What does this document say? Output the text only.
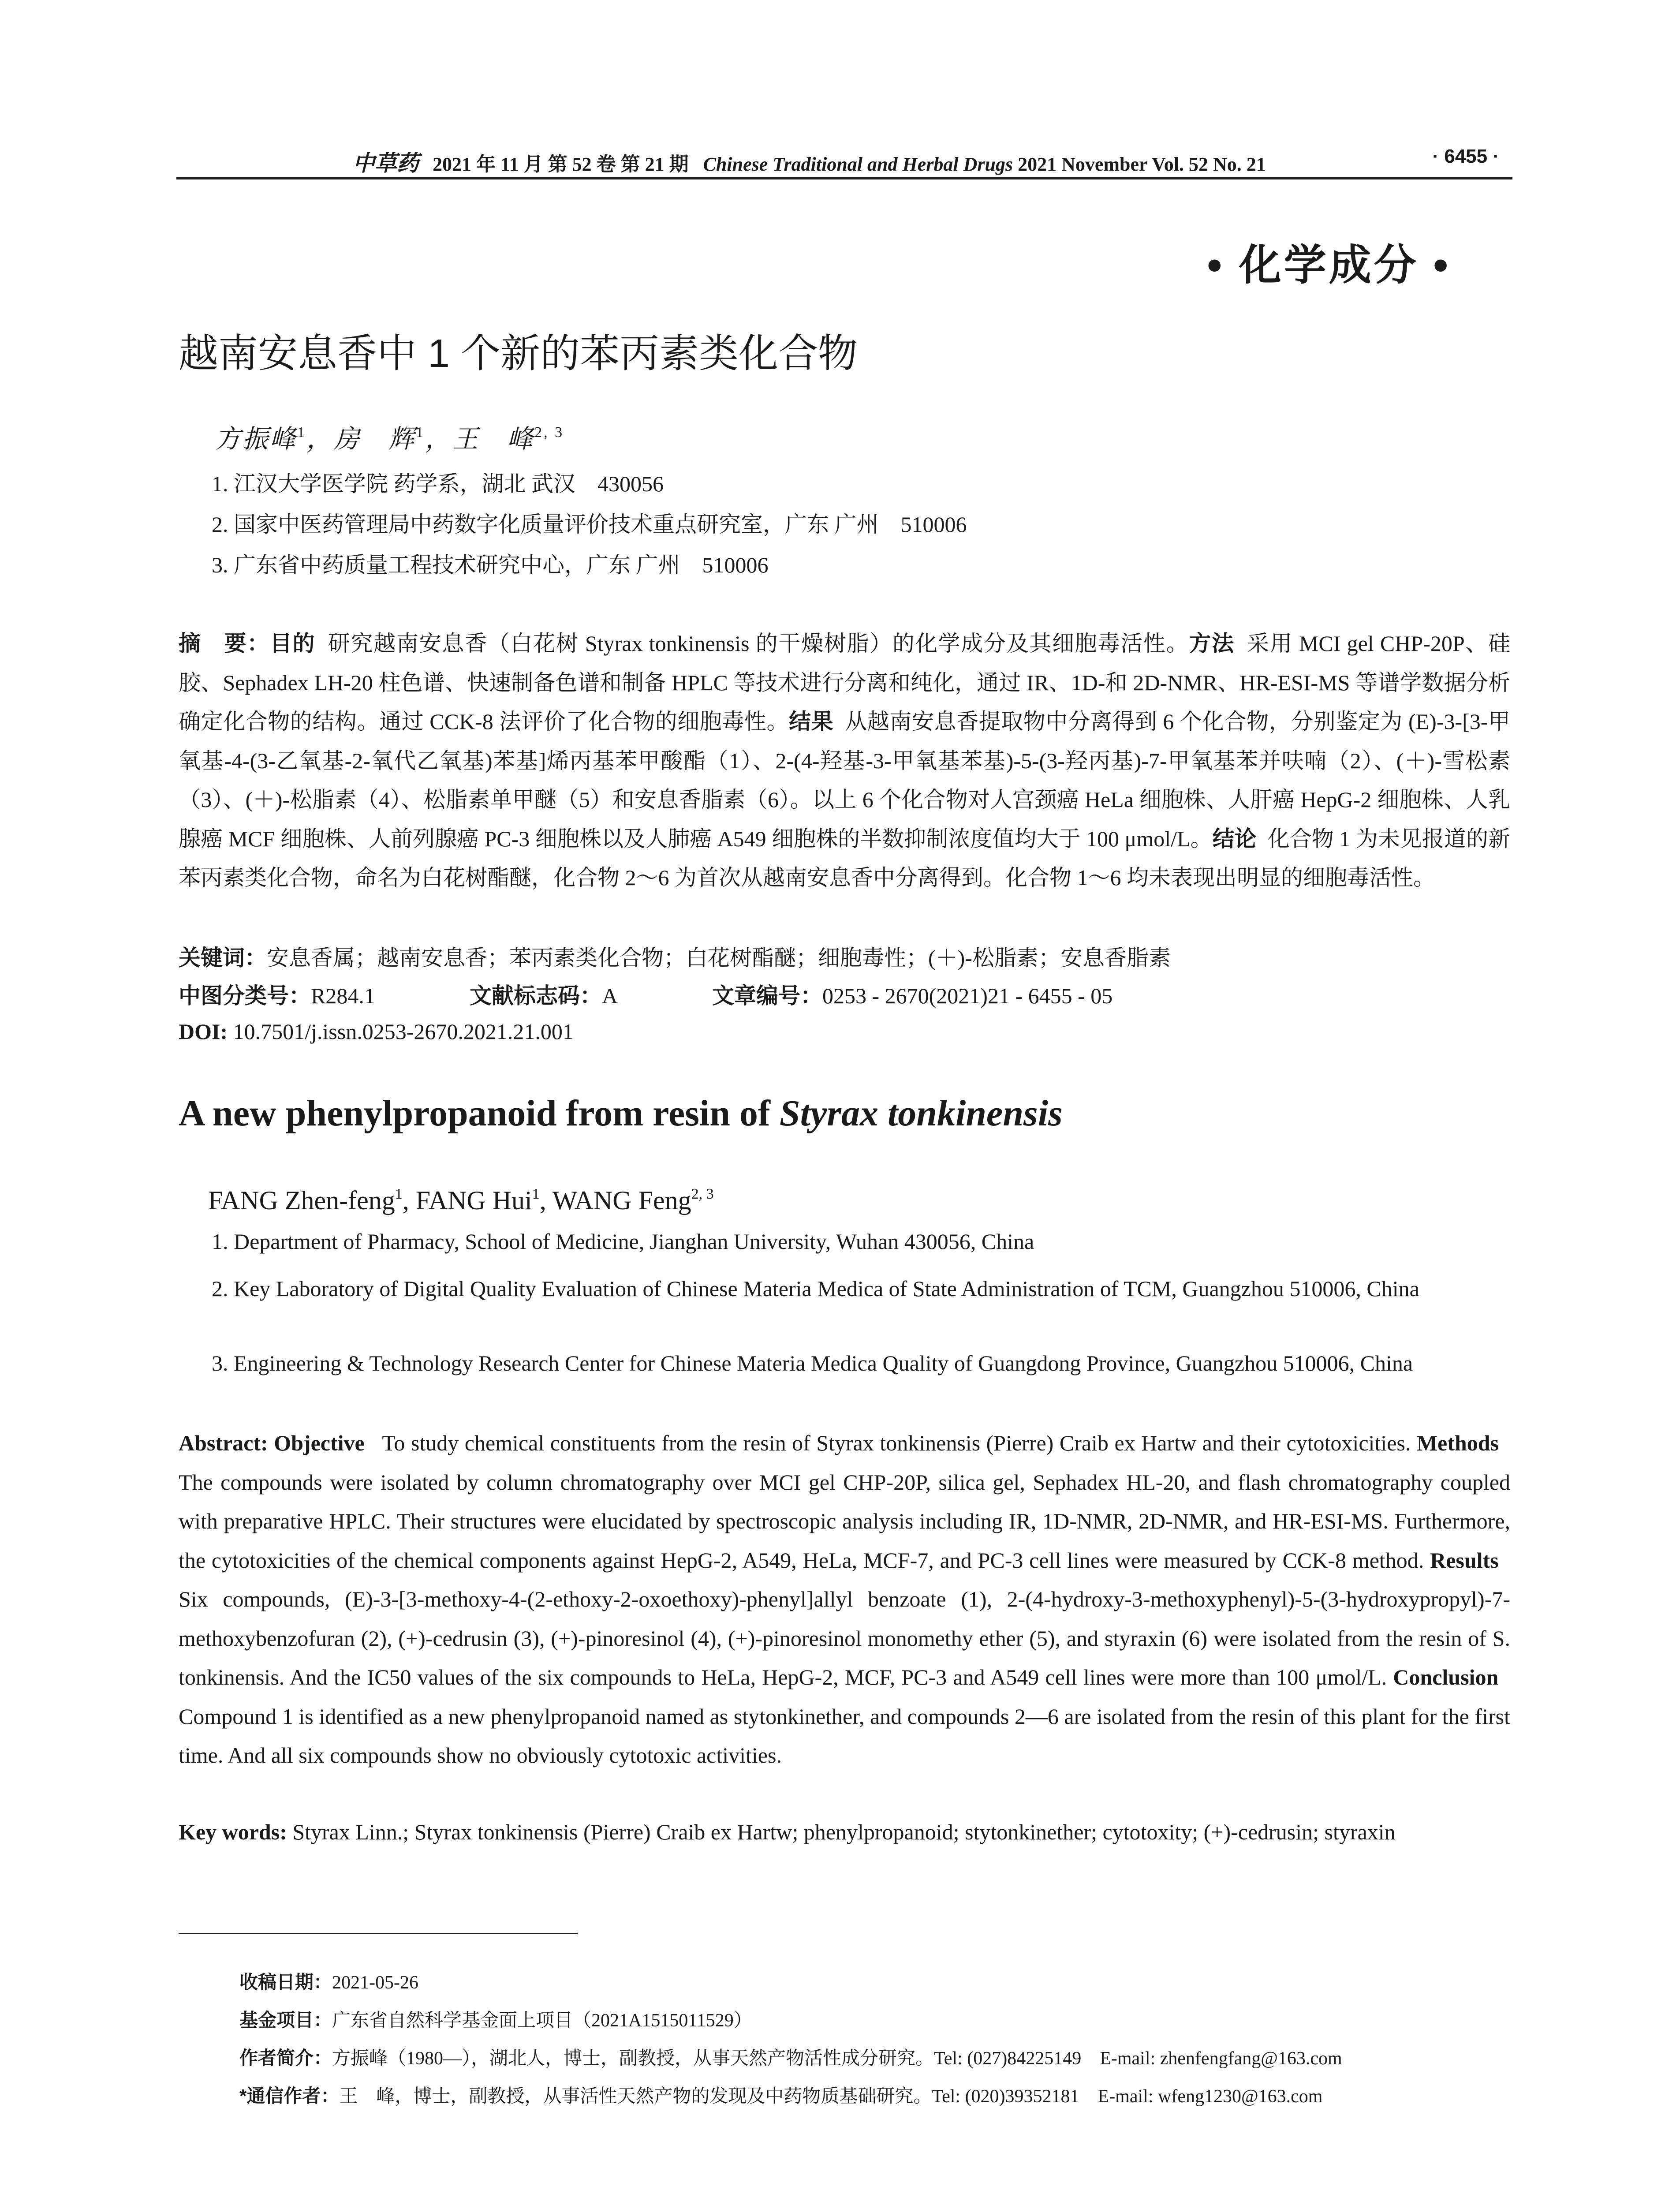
中草药 2021 年 11 月 第 52 卷 第 21 期 Chinese Traditional and Herbal Drugs 2021 November Vol. 52 No. 21	· 6455 ·
• 化学成分 •
越南安息香中 1 个新的苯丙素类化合物
方振峰$^1$，房　辉$^1$，王　峰$^{2, 3}$
1. 江汉大学医学院 药学系，湖北 武汉　430056
2. 国家中医药管理局中药数字化质量评价技术重点研究室，广东 广州　510006
3. 广东省中药质量工程技术研究中心，广东 广州　510006
摘　要：目的 研究越南安息香（白花树 Styrax tonkinensis 的干燥树脂）的化学成分及其细胞毒活性。方法 采用 MCI gel CHP-20P、硅胶、Sephadex LH-20 柱色谱、快速制备色谱和制备 HPLC 等技术进行分离和纯化，通过 IR、1D-和 2D-NMR、HR-ESI-MS 等谱学数据分析确定化合物的结构。通过 CCK-8 法评价了化合物的细胞毒性。结果 从越南安息香提取物中分离得到 6 个化合物，分别鉴定为 (E)-3-[3-甲氧基-4-(3-乙氧基-2-氧代乙氧基)苯基]烯丙基苯甲酸酯（1）、2-(4-羟基-3-甲氧基苯基)-5-(3-羟丙基)-7-甲氧基苯并呋喃（2）、(＋)-雪松素（3）、(＋)-松脂素（4）、松脂素单甲醚（5）和安息香脂素（6）。以上 6 个化合物对人宫颈癌 HeLa 细胞株、人肝癌 HepG-2 细胞株、人乳腺癌 MCF 细胞株、人前列腺癌 PC-3 细胞株以及人肺癌 A549 细胞株的半数抑制浓度值均大于 100 μmol/L。结论 化合物 1 为未见报道的新苯丙素类化合物，命名为白花树酯醚，化合物 2～6 为首次从越南安息香中分离得到。化合物 1～6 均未表现出明显的细胞毒活性。
关键词：安息香属；越南安息香；苯丙素类化合物；白花树酯醚；细胞毒性；(＋)-松脂素；安息香脂素
中图分类号：R284.1	文献标志码：A	文章编号：0253 - 2670(2021)21 - 6455 - 05
DOI: 10.7501/j.issn.0253-2670.2021.21.001
A new phenylpropanoid from resin of Styrax tonkinensis
FANG Zhen-feng$^1$, FANG Hui$^1$, WANG Feng$^{2, 3}$
1. Department of Pharmacy, School of Medicine, Jianghan University, Wuhan 430056, China
2. Key Laboratory of Digital Quality Evaluation of Chinese Materia Medica of State Administration of TCM, Guangzhou 510006, China
3. Engineering & Technology Research Center for Chinese Materia Medica Quality of Guangdong Province, Guangzhou 510006, China
Abstract: Objective To study chemical constituents from the resin of Styrax tonkinensis (Pierre) Craib ex Hartw and their cytotoxicities. Methods   The compounds were isolated by column chromatography over MCI gel CHP-20P, silica gel, Sephadex HL-20, and flash chromatography coupled with preparative HPLC. Their structures were elucidated by spectroscopic analysis including IR, 1D-NMR, 2D-NMR, and HR-ESI-MS. Furthermore, the cytotoxicities of the chemical components against HepG-2, A549, HeLa, MCF-7, and PC-3 cell lines were measured by CCK-8 method. Results   Six compounds, (E)-3-[3-methoxy-4-(2-ethoxy-2-oxoethoxy)-phenyl]allyl benzoate (1), 2-(4-hydroxy-3-methoxyphenyl)-5-(3-hydroxypropyl)-7-methoxybenzofuran (2), (+)-cedrusin (3), (+)-pinoresinol (4), (+)-pinoresinol monomethy ether (5), and styraxin (6) were isolated from the resin of S. tonkinensis. And the IC50 values of the six compounds to HeLa, HepG-2, MCF, PC-3 and A549 cell lines were more than 100 μmol/L. Conclusion   Compound 1 is identified as a new phenylpropanoid named as stytonkinether, and compounds 2—6 are isolated from the resin of this plant for the first time. And all six compounds show no obviously cytotoxic activities.
Key words: Styrax Linn.; Styrax tonkinensis (Pierre) Craib ex Hartw; phenylpropanoid; stytonkinether; cytotoxity; (+)-cedrusin; styraxin
收稿日期：2021-05-26
基金项目：广东省自然科学基金面上项目（2021A1515011529）
作者简介：方振峰（1980—），湖北人，博士，副教授，从事天然产物活性成分研究。Tel: (027)84225149　E-mail: zhenfengfang@163.com
*通信作者：王　峰，博士，副教授，从事活性天然产物的发现及中药物质基础研究。Tel: (020)39352181　E-mail: wfeng1230@163.com
